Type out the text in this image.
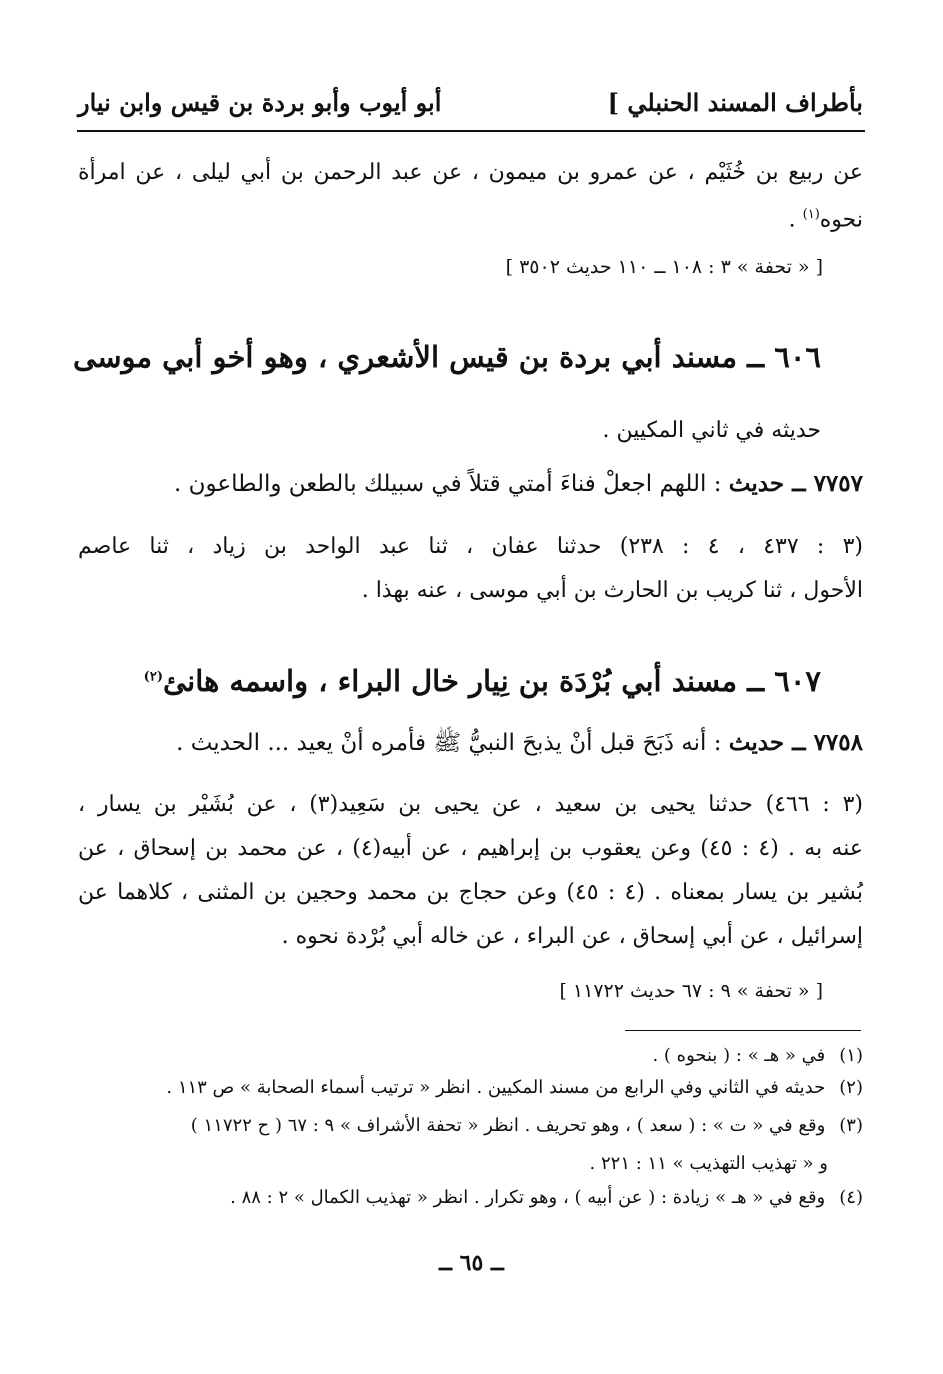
بأطراف المسند الحنبلي ]
أبو أيوب وأبو بردة بن قيس وابن نيار
عن ربيع بن خُثَيْم ، عن عمرو بن ميمون ، عن عبد الرحمن بن أبي ليلى ، عن امرأة
نحوه$^{(١)}$ .
[ « تحفة » ٣ : ١٠٨ ــ ١١٠ حديث ٣٥٠٢ ]
٦٠٦ ــ مسند أبي بردة بن قيس الأشعري ، وهو أخو أبي موسى
حديثه في ثاني المكيين .
٧٧٥٧ ــ حديث : اللهم اجعلْ فناءَ أمتي قتلاً في سبيلك بالطعن والطاعون .
(٣ : ٤٣٧ ، ٤ : ٢٣٨) حدثنا عفان ، ثنا عبد الواحد بن زياد ، ثنا عاصم
الأحول ، ثنا كريب بن الحارث بن أبي موسى ، عنه بهذا .
٦٠٧ ــ مسند أبي بُرْدَة بن نِيار خال البراء ، واسمه هانئ$^{(٢)}$
٧٧٥٨ ــ حديث : أنه ذَبَحَ قبل أنْ يذبحَ النبيُّ ﷺ فأمره أنْ يعيد ... الحديث .
(٣ : ٤٦٦) حدثنا يحيى بن سعيد ، عن يحيى بن سَعِيد(٣) ، عن بُشَيْر بن يسار ،
عنه به . (٤ : ٤٥) وعن يعقوب بن إبراهيم ، عن أبيه(٤) ، عن محمد بن إسحاق ، عن
بُشير بن يسار بمعناه . (٤ : ٤٥) وعن حجاج بن محمد وحجين بن المثنى ، كلاهما عن
إسرائيل ، عن أبي إسحاق ، عن البراء ، عن خاله أبي بُرْدة نحوه .
[ « تحفة » ٩ : ٦٧ حديث ١١٧٢٢ ]
(١) في « هـ » : ( بنحوه ) .
(٢) حديثه في الثاني وفي الرابع من مسند المكيين . انظر « ترتيب أسماء الصحابة » ص ١١٣ .
(٣) وقع في « ت » : ( سعد ) ، وهو تحريف . انظر « تحفة الأشراف » ٩ : ٦٧ ( ح ١١٧٢٢ )
و « تهذيب التهذيب » ١١ : ٢٢١ .
(٤) وقع في « هـ » زيادة : ( عن أبيه ) ، وهو تكرار . انظر « تهذيب الكمال » ٢ : ٨٨ .
ــ ٦٥ ــ
